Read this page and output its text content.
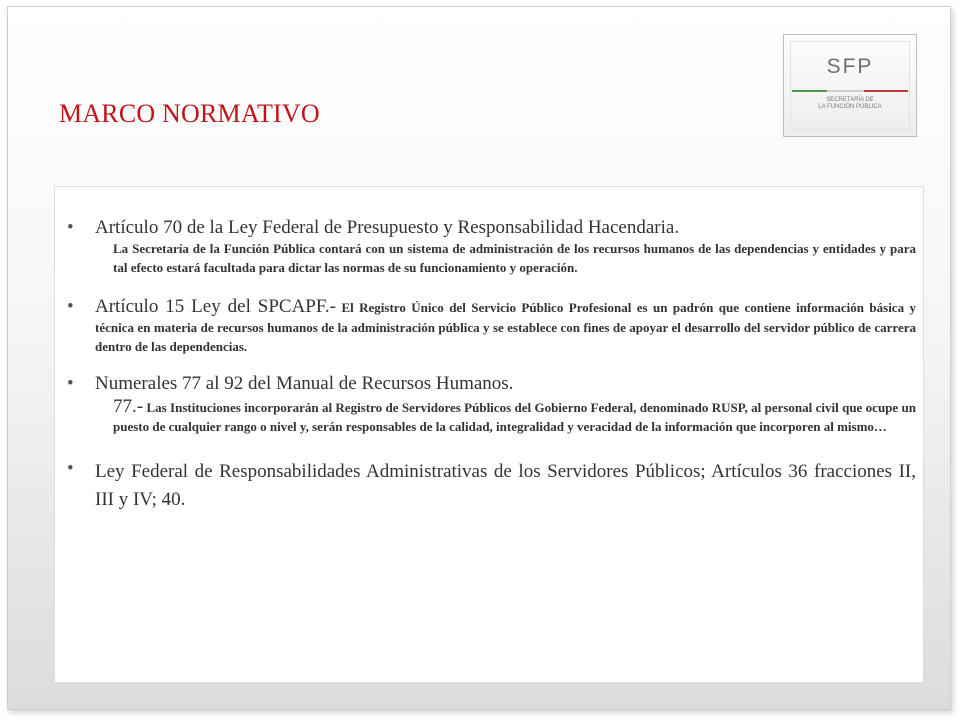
MARCO NORMATIVO
SFP
SECRETARÍA DE
LA FUNCIÓN PÚBLICA
• Artículo 70 de la Ley Federal de Presupuesto y Responsabilidad Hacendaria.
La Secretaría de la Función Pública contará con un sistema de administración de los recursos humanos de las dependencias y entidades y para tal efecto estará facultada para dictar las normas de su funcionamiento y operación.
• Artículo 15 Ley del SPCAPF.- El Registro Único del Servicio Público Profesional es un padrón que contiene información básica y técnica en materia de recursos humanos de la administración pública y se establece con fines de apoyar el desarrollo del servidor público de carrera dentro de las dependencias.
• Numerales 77 al 92 del Manual de Recursos Humanos.
77.- Las Instituciones incorporarán al Registro de Servidores Públicos del Gobierno Federal, denominado RUSP, al personal civil que ocupe un puesto de cualquier rango o nivel y, serán responsables de la calidad, integralidad y veracidad de la información que incorporen al mismo…
• Ley Federal de Responsabilidades Administrativas de los Servidores Públicos; Artículos 36 fracciones II, III y IV; 40.
